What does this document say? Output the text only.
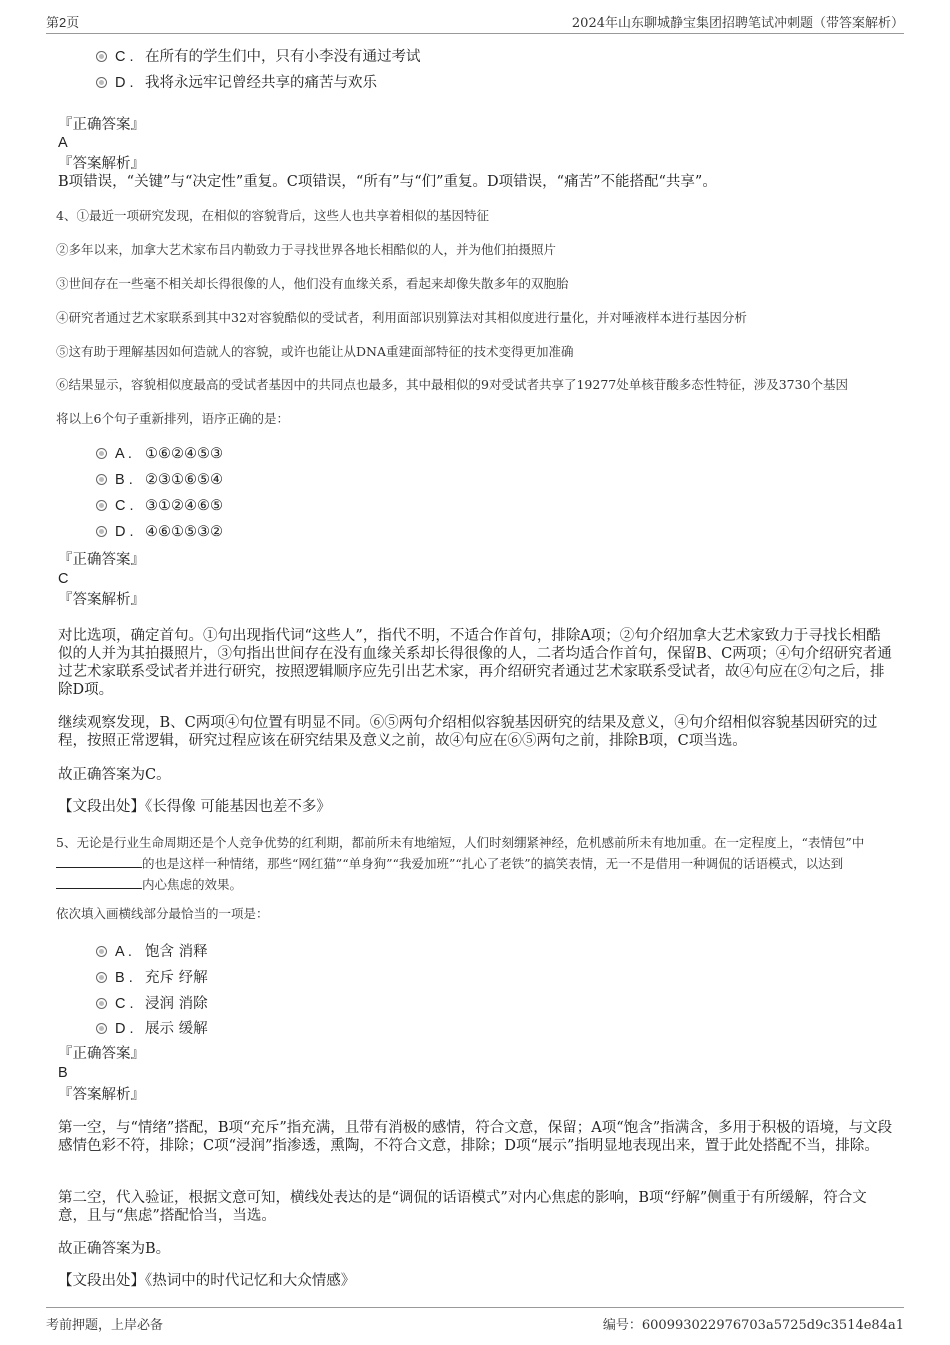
第2页	2024年山东聊城静宝集团招聘笔试冲刺题（带答案解析）
C . 在所有的学生们中，只有小李没有通过考试
D . 我将永远牢记曾经共享的痛苦与欢乐
『正确答案』
A
『答案解析』
B项错误，“关键”与“决定性”重复。C项错误，“所有”与“们”重复。D项错误，“痛苦”不能搭配“共享”。
4、①最近一项研究发现，在相似的容貌背后，这些人也共享着相似的基因特征
②多年以来，加拿大艺术家布吕内勒致力于寻找世界各地长相酷似的人，并为他们拍摄照片
③世间存在一些毫不相关却长得很像的人，他们没有血缘关系，看起来却像失散多年的双胞胎
④研究者通过艺术家联系到其中32对容貌酷似的受试者，利用面部识别算法对其相似度进行量化，并对唾液样本进行基因分析
⑤这有助于理解基因如何造就人的容貌，或许也能让从DNA重建面部特征的技术变得更加准确
⑥结果显示，容貌相似度最高的受试者基因中的共同点也最多，其中最相似的9对受试者共享了19277处单核苷酸多态性特征，涉及3730个基因
将以上6个句子重新排列，语序正确的是：
A . ①⑥②④⑤③
B . ②③①⑥⑤④
C . ③①②④⑥⑤
D . ④⑥①⑤③②
『正确答案』
C
『答案解析』
对比选项，确定首句。①句出现指代词“这些人”，指代不明，不适合作首句，排除A项；②句介绍加拿大艺术家致力于寻找长相酷似的人并为其拍摄照片，③句指出世间存在没有血缘关系却长得很像的人，二者均适合作首句，保留B、C两项；④句介绍研究者通过艺术家联系受试者并进行研究，按照逻辑顺序应先引出艺术家，再介绍研究者通过艺术家联系受试者，故④句应在②句之后，排除D项。
继续观察发现，B、C两项④句位置有明显不同。⑥⑤两句介绍相似容貌基因研究的结果及意义，④句介绍相似容貌基因研究的过程，按照正常逻辑，研究过程应该在研究结果及意义之前，故④句应在⑥⑤两句之前，排除B项，C项当选。
故正确答案为C。
【文段出处】《长得像 可能基因也差不多》
5、无论是行业生命周期还是个人竞争优势的红利期，都前所未有地缩短，人们时刻绷紧神经，危机感前所未有地加重。在一定程度上，“表情包”中的也是这样一种情绪，那些“网红猫”“单身狗”“我爱加班”“扎心了老铁”的搞笑表情，无一不是借用一种调侃的话语模式，以达到内心焦虑的效果。
依次填入画横线部分最恰当的一项是：
A . 饱含 消释
B . 充斥 纾解
C . 浸润 消除
D . 展示 缓解
『正确答案』
B
『答案解析』
第一空，与“情绪”搭配，B项“充斥”指充满，且带有消极的感情，符合文意，保留；A项“饱含”指满含，多用于积极的语境，与文段感情色彩不符，排除；C项“浸润”指渗透，熏陶，不符合文意，排除；D项“展示”指明显地表现出来，置于此处搭配不当，排除。
第二空，代入验证，根据文意可知，横线处表达的是“调侃的话语模式”对内心焦虑的影响，B项“纾解”侧重于有所缓解，符合文意，且与“焦虑”搭配恰当，当选。
故正确答案为B。
【文段出处】《热词中的时代记忆和大众情感》
考前押题，上岸必备	编号：600993022976703a5725d9c3514e84a1
